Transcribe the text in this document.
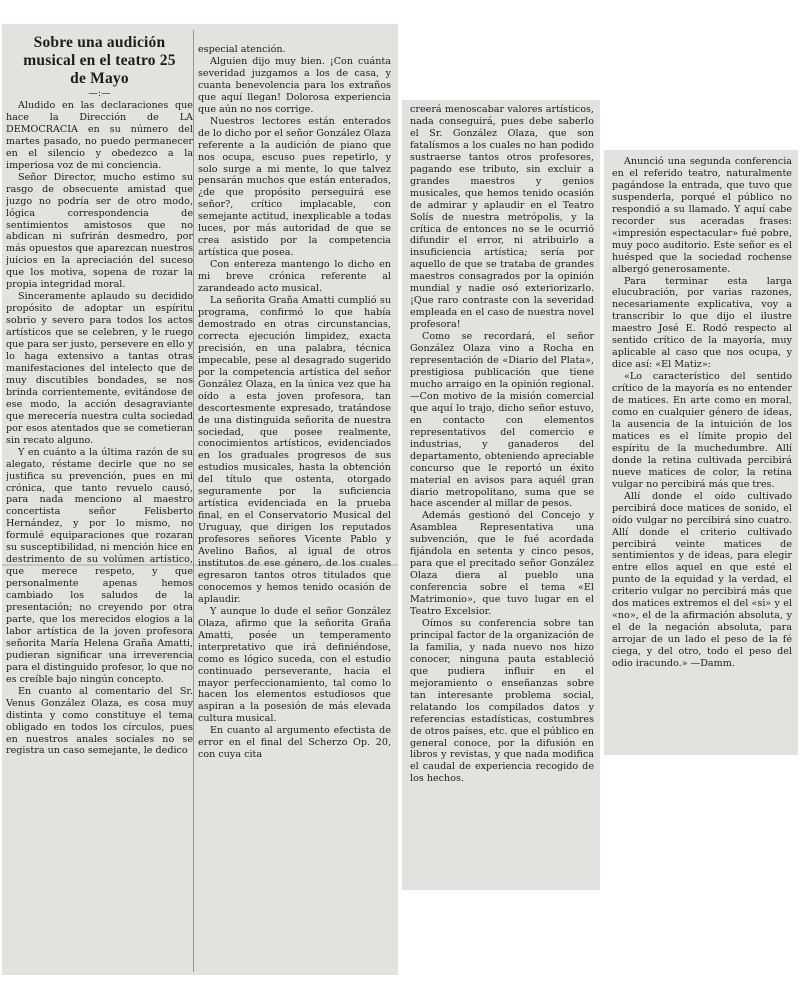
Sobre una audición musical en el teatro 25 de Mayo
—:—

Aludido en las declaraciones que hace la Dirección de LA DEMOCRACIA en su número del martes pasado, no puedo permanecer en el silencio y obedezco a la imperiosa voz de mi conciencia.

Señor Director, mucho estimo su rasgo de obsecuente amistad que juzgo no podría ser de otro modo, lógica correspondencia de sentimientos amistosos que no abdican ni sufrirán desmedro, por más opuestos que aparezcan nuestros juicios en la apreciación del suceso que los motiva, sopena de rozar la propia integridad moral.

Sinceramente aplaudo su decidido propósito de adoptar un espíritu sobrio y severo para todos los actos artísticos que se celebren, y le ruego que para ser justo, persevere en ello y lo haga extensivo a tantas otras manifestaciones del intelecto que de muy discutibles bondades, se nos brinda corrientemente, evitándose de ese modo, la acción desagraviante que merecería nuestra culta sociedad por esos atentados que se cometieran sin recato alguno.

Y en cuánto a la última razón de su alegato, réstame decirle que no se justifica su prevención, pues en mi crónica, que tanto revuelo causó, para nada menciono al maestro concertista señor Felisberto Hernández, y por lo mismo, no formulé equiparaciones que rozaran su susceptibilidad, ni mención hice en destrimento de su volúmen artístico, que merece respeto, y que personalmente apenas hemos cambiado los saludos de la presentación; no creyendo por otra parte, que los merecidos elogios a la labor artística de la joven profesora señorita María Helena Graña Amatti, pudieran significar una irreverencia para el distinguido profesor, lo que no es creíble bajo ningún concepto.

En cuanto al comentario del Sr. Venus González Olaza, es cosa muy distinta y como constituye el tema obligado en todos los círculos, pues en nuestros anales sociales no se registra un caso semejante, le dedico

especial atención.

Alguien dijo muy bien. ¡Con cuánta severidad juzgamos a los de casa, y cuanta benevolencia para los extraños que aquí llegan! Dolorosa experiencia que aún no nos corrige.

Nuestros lectores están enterados de lo dicho por el señor González Olaza referente a la audición de piano que nos ocupa, escuso pues repetirlo, y solo surge a mi mente, lo que talvez pensarán muchos que están enterados, ¿de que propósito perseguirá ese señor?, crítico implacable, con semejante actitud, inexplicable a todas luces, por más autoridad de que se crea asistido por la competencia artística que posea.

Con entereza mantengo lo dicho en mi breve crónica referente al zarandeado acto musical.

La señorita Graña Amatti cumplió su programa, confirmó lo que había demostrado en otras circunstancias, correcta ejecución limpidez, exacta precisión, en una palabra, técnica impecable, pese al desagrado sugerido por la competencia artística del señor González Olaza, en la única vez que ha oído a esta joven profesora, tan descortesmente expresado, tratándose de una distinguida señorita de nuestra sociedad, que posee realmente, conocimientos artísticos, evidenciados en los graduales progresos de sus estudios musicales, hasta la obtención del título que ostenta, otorgado seguramente por la suficiencia artística evidenciada en la prueba final, en el Conservatorio Musical del Uruguay, que dirigen los reputados profesores señores Vicente Pablo y Avelino Baños, al igual de otros institutos de ese género, de los cuales egresaron tantos otros titulados que conocemos y hemos tenido ocasión de aplaudir.

Y aunque lo dude el señor González Olaza, afirmo que la señorita Graña Amatti, posée un temperamento interpretativo que irá definiéndose, como es lógico suceda, con el estudio continuado perseverante, hacia el mayor perfeccionamiento, tal como lo hacen los elementos estudiosos que aspiran a la posesión de más elevada cultura musical.

En cuanto al argumento efectista de error en el final del Scherzo Op. 20, con cuya cita

creerá menoscabar valores artísticos, nada conseguirá, pues debe saberlo el Sr. González Olaza, que son fatalísmos a los cuales no han podido sustraerse tantos otros profesores, pagando ese tributo, sin excluir a grandes maestros y genios musicales, que hemos tenido ocasión de admirar y aplaudir en el Teatro Solís de nuestra metrópolis, y la crítica de entonces no se le ocurrió difundir el error, ni atribuirlo a insuficiencia artística; sería por aquello de que se trataba de grandes maestros consagrados por la opinión mundial y nadie osó exteriorizarlo. ¡Que raro contraste con la severidad empleada en el caso de nuestra novel profesora!

Como se recordará, el señor González Olaza vino a Rocha en representación de «Diario del Plata», prestigiosa publicación que tiene mucho arraigo en la opinión regional.—Con motivo de la misión comercial que aquí lo trajo, dicho señor estuvo, en contacto con elementos representativos del comercio e industrias, y ganaderos del departamento, obteniendo apreciable concurso que le reportó un éxito material en avisos para aquél gran diario metropolitano, suma que se hace ascender al millar de pesos.

Además gestionó del Concejo y Asamblea Representativa una subvención, que le fué acordada fijándola en setenta y cinco pesos, para que el precitado señor González Olaza diera al pueblo una conferencia sobre el tema «El Matrimonio», que tuvo lugar en el Teatro Excelsior.

Oímos su conferencia sobre tan principal factor de la organización de la familia, y nada nuevo nos hizo conocer, ninguna pauta estableció que pudiera influir en el mejoramiento o enseñanzas sobre tan interesante problema social, relatando los compilados datos y referencias estadísticas, costumbres de otros países, etc. que el público en general conoce, por la difusión en libros y revistas, y que nada modifica el caudal de experiencia recogido de los hechos.

Anunció una segunda conferencia en el referido teatro, naturalmente pagándose la entrada, que tuvo que suspenderla, porqué el público no respondió a su llamado. Y aquí cabe recorder sus aceradas frases: «impresión espectacular» fué pobre, muy poco auditorio. Este señor es el huésped que la sociedad rochense albergó generosamente.

Para terminar esta larga elucubración, por varias razones, necesariamente explicativa, voy a transcribir lo que dijo el ilustre maestro José E. Rodó respecto al sentido crítico de la mayoría, muy aplicable al caso que nos ocupa, y dice así: «El Matiz»:

«Lo característico del sentido crítico de la mayoría es no entender de matices. En arte como en moral, como en cualquier género de ideas, la ausencia de la intuición de los matices es el límite propio del espíritu de la muchedumbre. Allí donde la retina cultivada percibirá nueve matices de color, la retina vulgar no percibirá más que tres.

Allí donde el oído cultivado percibirá doce matices de sonido, el oído vulgar no percibirá sino cuatro. Allí donde el criterio cultivado percibirá veinte matices de sentimientos y de ideas, para elegir entre ellos aquel en que esté el punto de la equidad y la verdad, el criterio vulgar no percibirá más que dos matices extremos el del «si» y el «no», el de la afirmación absoluta, y el de la negación absoluta, para arrojar de un lado el peso de la fé ciega, y del otro, todo el peso del odio iracundo.» —Damm.
